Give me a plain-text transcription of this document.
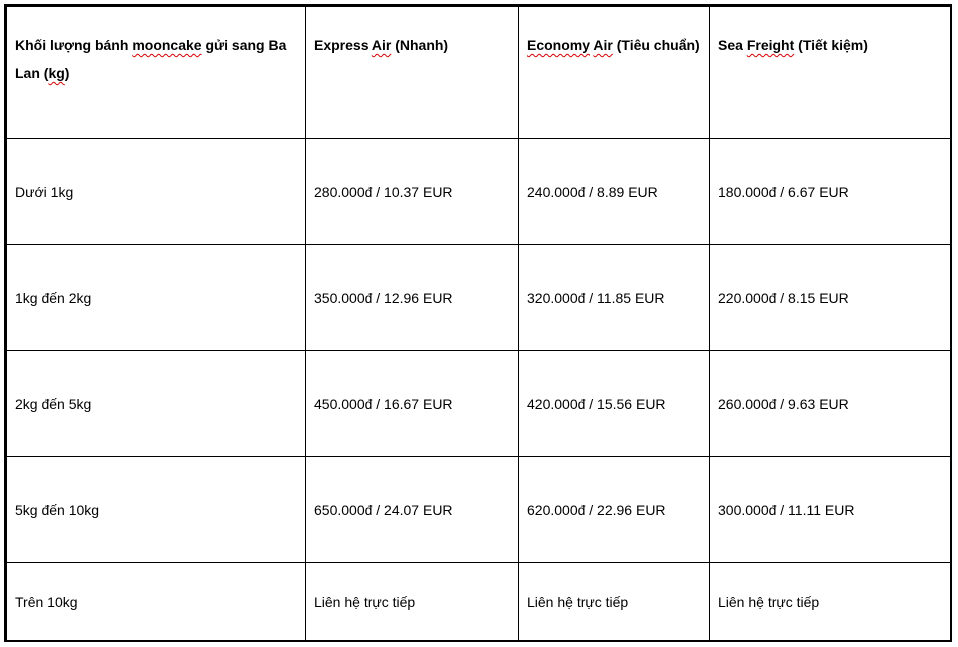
Khối lượng bánh mooncake gửi sang Ba Lan (kg)	Express Air (Nhanh)	Economy Air (Tiêu chuẩn)	Sea Freight (Tiết kiệm)
Dưới 1kg	280.000đ / 10.37 EUR	240.000đ / 8.89 EUR	180.000đ / 6.67 EUR
1kg đến 2kg	350.000đ / 12.96 EUR	320.000đ / 11.85 EUR	220.000đ / 8.15 EUR
2kg đến 5kg	450.000đ / 16.67 EUR	420.000đ / 15.56 EUR	260.000đ / 9.63 EUR
5kg đến 10kg	650.000đ / 24.07 EUR	620.000đ / 22.96 EUR	300.000đ / 11.11 EUR
Trên 10kg	Liên hệ trực tiếp	Liên hệ trực tiếp	Liên hệ trực tiếp
